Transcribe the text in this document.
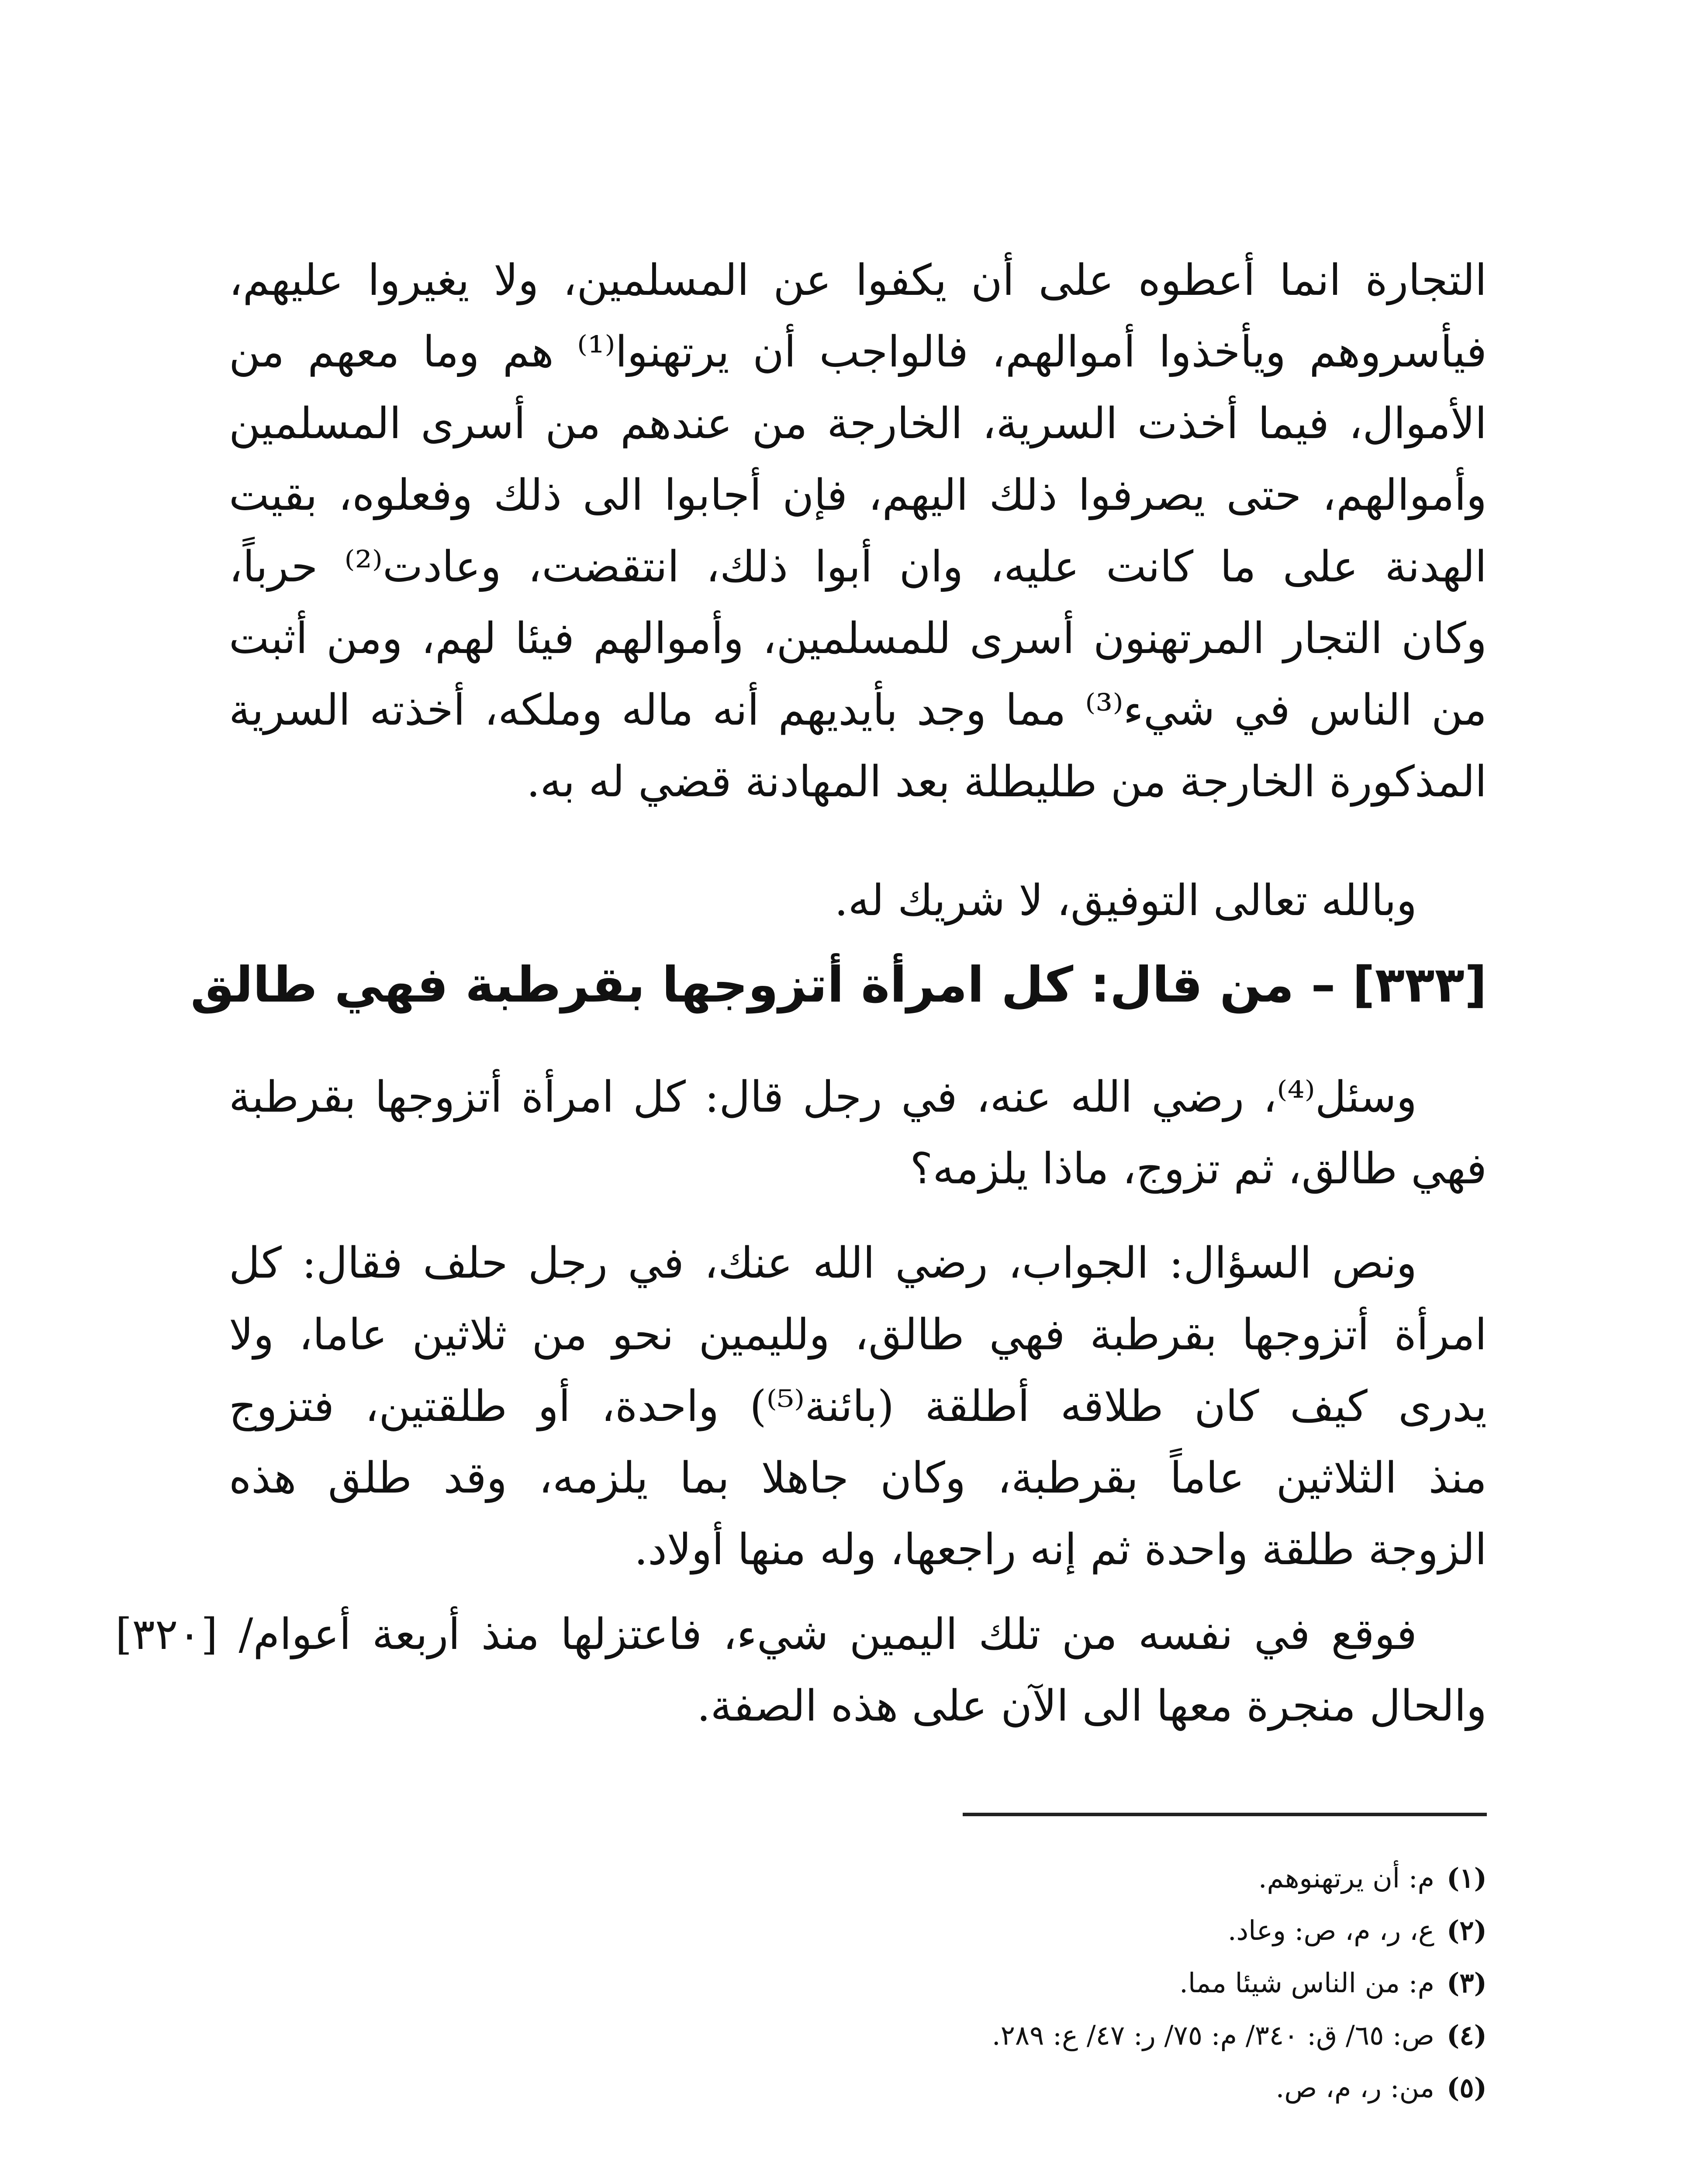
التجارة انما أعطوه على أن يكفوا عن المسلمين، ولا يغيروا عليهم،
فيأسروهم ويأخذوا أموالهم، فالواجب أن يرتهنوا⁽¹⁾ هم وما معهم من
الأموال، فيما أخذت السرية، الخارجة من عندهم من أسرى المسلمين
وأموالهم، حتى يصرفوا ذلك اليهم، فإن أجابوا الى ذلك وفعلوه، بقيت
الهدنة على ما كانت عليه، وان أبوا ذلك، انتقضت، وعادت⁽²⁾ حرباً،
وكان التجار المرتهنون أسرى للمسلمين، وأموالهم فيئا لهم، ومن أثبت
من الناس في شيء⁽³⁾ مما وجد بأيديهم أنه ماله وملكه، أخذته السرية
المذكورة الخارجة من طليطلة بعد المهادنة قضي له به.
وبالله تعالى التوفيق، لا شريك له.
[٣٣٣] – من قال: كل امرأة أتزوجها بقرطبة فهي طالق
وسئل⁽⁴⁾، رضي الله عنه، في رجل قال: كل امرأة أتزوجها بقرطبة
فهي طالق، ثم تزوج، ماذا يلزمه؟
ونص السؤال: الجواب، رضي الله عنك، في رجل حلف فقال: كل
امرأة أتزوجها بقرطبة فهي طالق، ولليمين نحو من ثلاثين عاما، ولا
يدرى كيف كان طلاقه أطلقة (بائنة⁽⁵⁾) واحدة، أو طلقتين، فتزوج
منذ الثلاثين عاماً بقرطبة، وكان جاهلا بما يلزمه، وقد طلق هذه
الزوجة طلقة واحدة ثم إنه راجعها، وله منها أولاد.
فوقع في نفسه من تلك اليمين شيء، فاعتزلها منذ أربعة أعوام/ [٣٢٠]
والحال منجرة معها الى الآن على هذه الصفة.
(١)
م: أن يرتهنوهم.
(٢)
ع، ر، م، ص: وعاد.
(٣)
م: من الناس شيئا مما.
(٤)
ص: ٦٥/ ق: ٣٤٠/ م: ٧٥/ ر: ٤٧/ ع: ٢٨٩.
(٥)
من: ر، م، ص.
